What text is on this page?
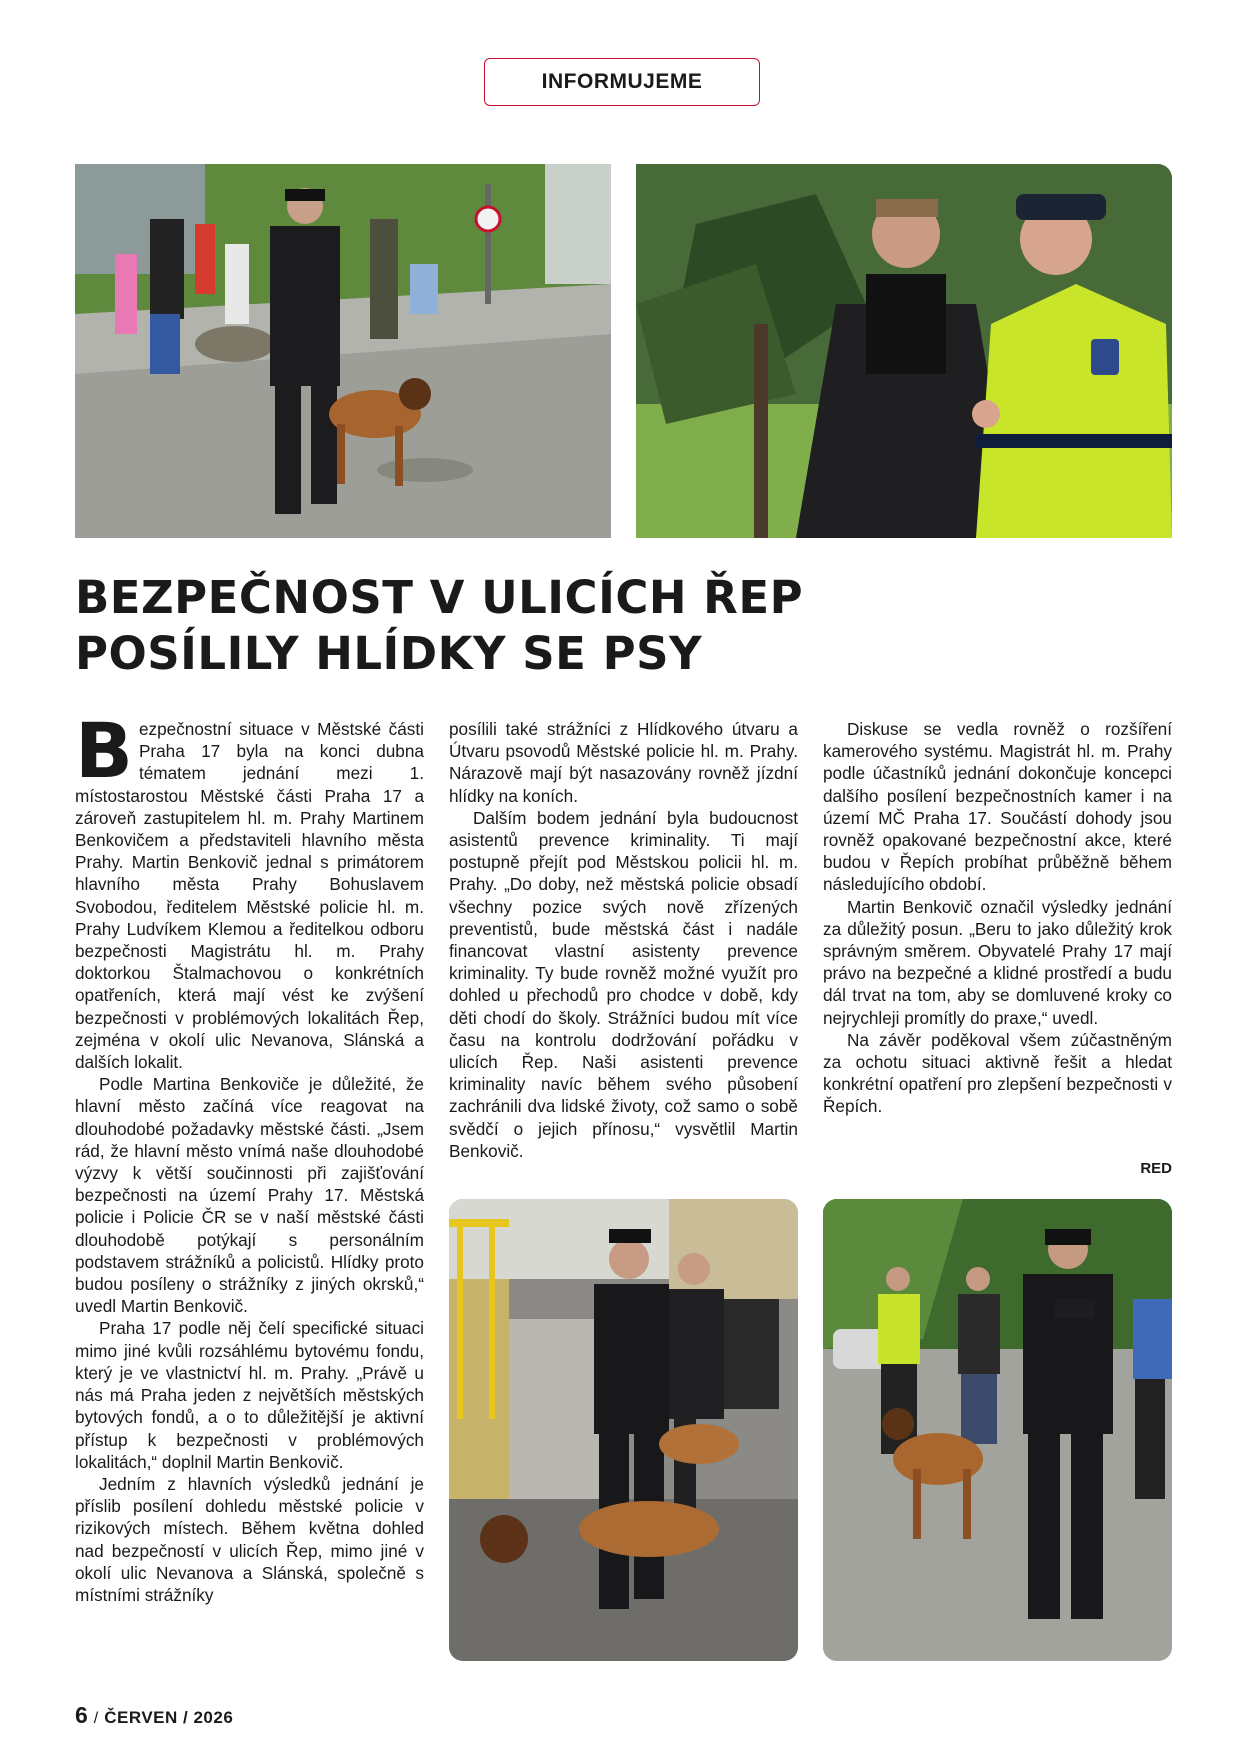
INFORMUJEME
BEZPEČNOST V ULICÍCH ŘEP
POSÍLILY HLÍDKY SE PSY

Bezpečnostní situace v Městské části Praha 17 byla na konci dubna tématem jednání mezi 1. místostarostou Městské části Praha 17 a zároveň zastupitelem hl. m. Prahy Martinem Benkovičem a představiteli hlavního města Prahy. Martin Benkovič jednal s primátorem hlavního města Prahy Bohuslavem Svobodou, ředitelem Městské policie hl. m. Prahy Ludvíkem Klemou a ředitelkou odboru bezpečnosti Magistrátu hl. m. Prahy doktorkou Štalmachovou o konkrétních opatřeních, která mají vést ke zvýšení bezpečnosti v problémových lokalitách Řep, zejména v okolí ulic Nevanova, Slánská a dalších lokalit.

Podle Martina Benkoviče je důležité, že hlavní město začíná více reagovat na dlouhodobé požadavky městské části. „Jsem rád, že hlavní město vnímá naše dlouhodobé výzvy k větší součinnosti při zajišťování bezpečnosti na území Prahy 17. Městská policie i Policie ČR se v naší městské části dlouhodobě potýkají s personálním podstavem strážníků a policistů. Hlídky proto budou posíleny o strážníky z jiných okrsků,“ uvedl Martin Benkovič.

Praha 17 podle něj čelí specifické situaci mimo jiné kvůli rozsáhlému bytovému fondu, který je ve vlastnictví hl. m. Prahy. „Právě u nás má Praha jeden z největších městských bytových fondů, a o to důležitější je aktivní přístup k bezpečnosti v problémových lokalitách,“ doplnil Martin Benkovič.

Jedním z hlavních výsledků jednání je příslib posílení dohledu městské policie v rizikových místech. Během května dohled nad bezpečností v ulicích Řep, mimo jiné v okolí ulic Nevanova a Slánská, společně s místními strážníky

posílili také strážníci z Hlídkového útvaru a Útvaru psovodů Městské policie hl. m. Prahy. Nárazově mají být nasazovány rovněž jízdní hlídky na koních.

Dalším bodem jednání byla budoucnost asistentů prevence kriminality. Ti mají postupně přejít pod Městskou policii hl. m. Prahy. „Do doby, než městská policie obsadí všechny pozice svých nově zřízených preventistů, bude městská část i nadále financovat vlastní asistenty prevence kriminality. Ty bude rovněž možné využít pro dohled u přechodů pro chodce v době, kdy děti chodí do školy. Strážníci budou mít více času na kontrolu dodržování pořádku v ulicích Řep. Naši asistenti prevence kriminality navíc během svého působení zachránili dva lidské životy, což samo o sobě svědčí o jejich přínosu,“ vysvětlil Martin Benkovič.

Diskuse se vedla rovněž o rozšíření kamerového systému. Magistrát hl. m. Prahy podle účastníků jednání dokončuje koncepci dalšího posílení bezpečnostních kamer i na území MČ Praha 17. Součástí dohody jsou rovněž opakované bezpečnostní akce, které budou v Řepích probíhat průběžně během následujícího období.

Martin Benkovič označil výsledky jednání za důležitý posun. „Beru to jako důležitý krok správným směrem. Obyvatelé Prahy 17 mají právo na bezpečné a klidné prostředí a budu dál trvat na tom, aby se domluvené kroky co nejrychleji promítly do praxe,“ uvedl.

Na závěr poděkoval všem zúčastněným za ochotu situaci aktivně řešit a hledat konkrétní opatření pro zlepšení bezpečnosti v Řepích.

RED
6 / ČERVEN / 2026
